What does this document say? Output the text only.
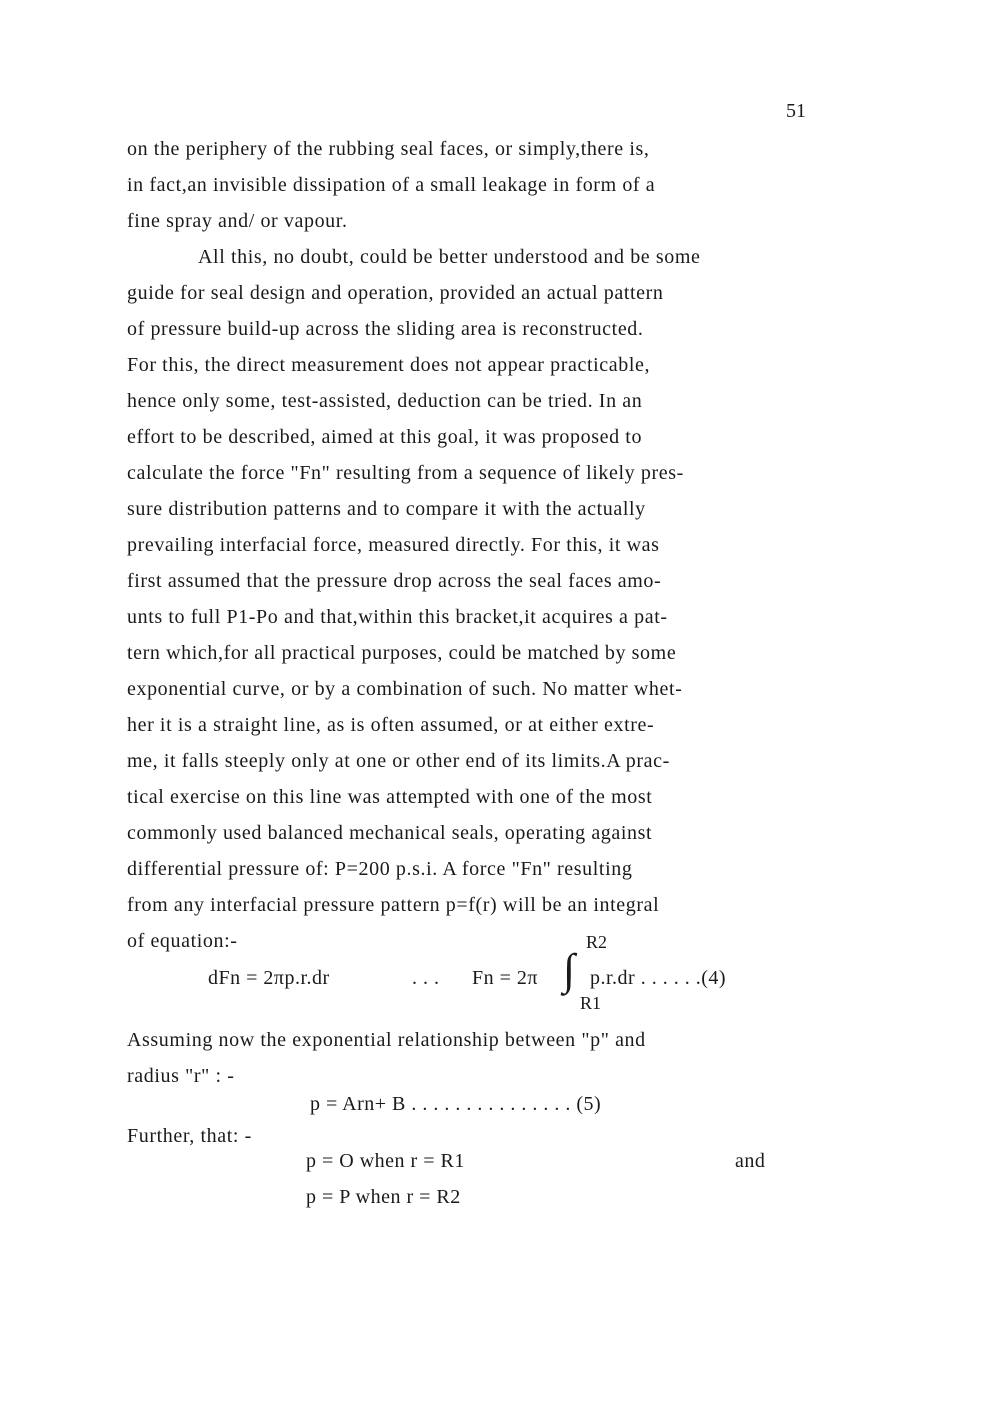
51
on the periphery of the rubbing seal faces, or simply,there is,
in fact,an invisible dissipation of a small leakage in form of a
fine spray and/ or vapour.
All this, no doubt, could be better understood and be some
guide for seal design and operation, provided an actual pattern
of pressure build-up across the sliding area is reconstructed.
For this, the direct measurement does not appear practicable,
hence only some, test-assisted, deduction can be tried. In an
effort to be described, aimed at this goal, it was proposed to
calculate the force "Fn" resulting from a sequence of likely pres-
sure distribution patterns and to compare it with the actually
prevailing interfacial force, measured directly. For this, it was
first assumed that the pressure drop across the seal faces amo-
unts to full P1-Po and that,within this bracket,it acquires a pat-
tern which,for all practical purposes, could be matched by some
exponential curve, or by a combination of such. No matter whet-
her it is a straight line, as is often assumed, or at either extre-
me, it falls steeply only at one or other end of its limits.A prac-
tical exercise on this line was attempted with one of the most
commonly used balanced mechanical seals, operating against
differential pressure of: P=200 p.s.i. A force "Fn" resulting
from any interfacial pressure pattern p=f(r) will be an integral
of equation:-
dFn = 2πp.r.dr	. . . Fn = 2π ∫
R2
R1
p.r.dr . . . . . .(4)
Assuming now the exponential relationship between "p" and
radius "r" : -
p = Arn+ B . . . . . . . . . . . . . . . (5)
Further, that: -
p = O when r = R1	and
p = P when r = R2
